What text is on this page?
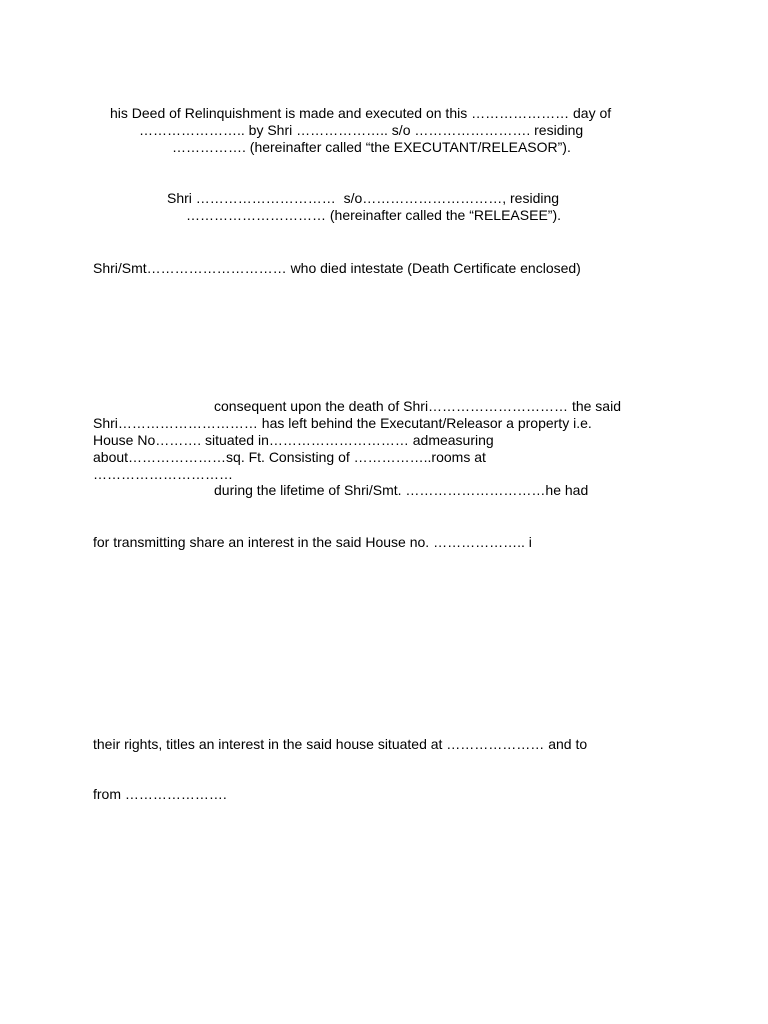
his Deed of Relinquishment is made and executed on this ………………… day of
………………….. by Shri ……………….. s/o ……………………. residing
……………. (hereinafter called “the EXECUTANT/RELEASOR”).
Shri …………………………  s/o…………………………, residing
………………………… (hereinafter called the “RELEASEE”).
Shri/Smt………………………… who died intestate (Death Certificate enclosed)
consequent upon the death of Shri………………………… the said
Shri………………………… has left behind the Executant/Releasor a property i.e.
House No………. situated in………………………… admeasuring
about…………………sq. Ft. Consisting of ……………..rooms at
…………………………
during the lifetime of Shri/Smt. …………………………he had
for transmitting share an interest in the said House no. ……………….. i
their rights, titles an interest in the said house situated at ………………… and to
from ………………….
